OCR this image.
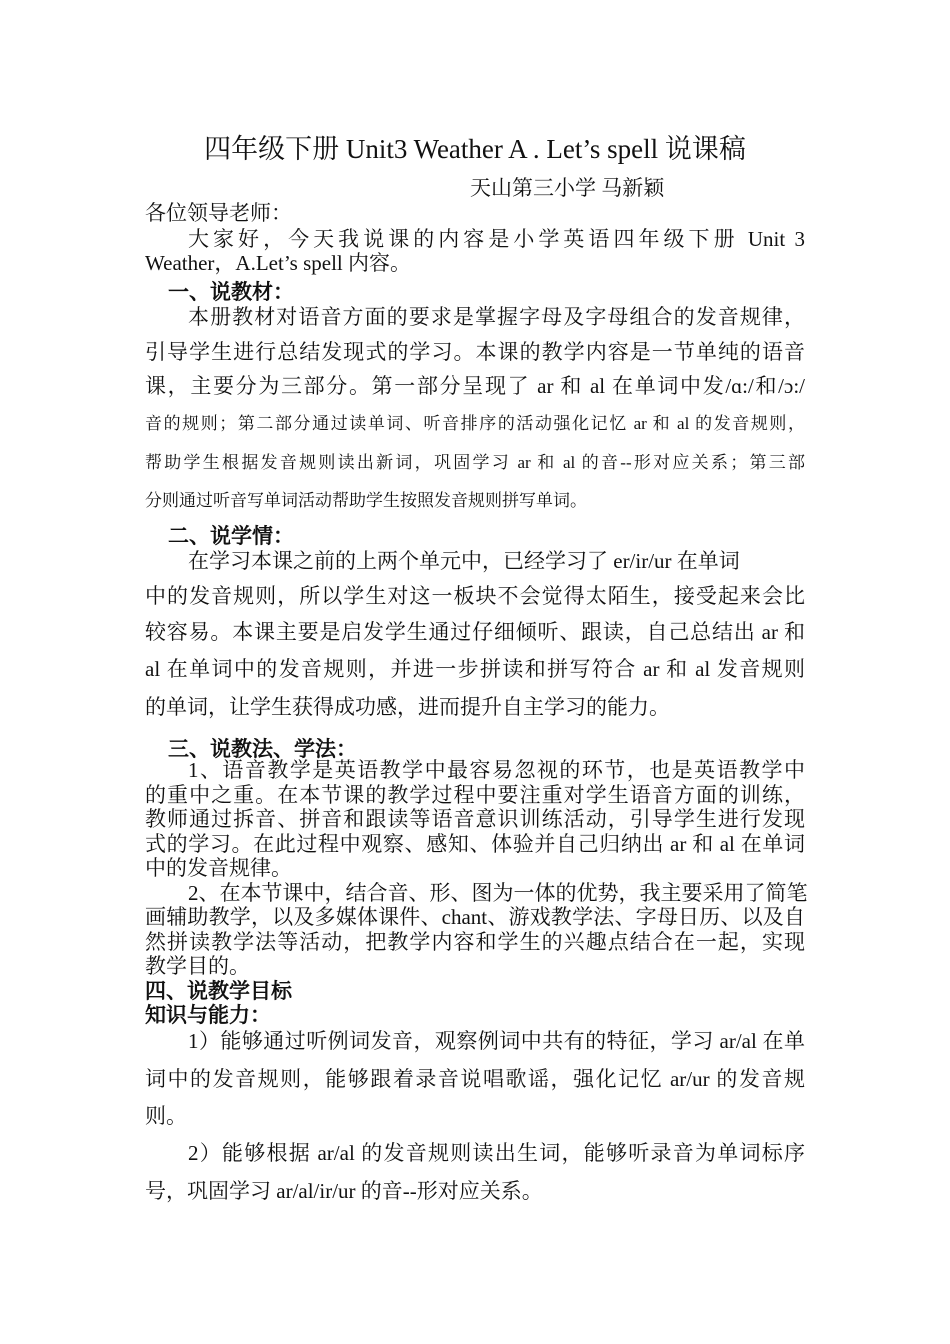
四年级下册 Unit3 Weather A . Let’s spell 说课稿
天山第三小学 马新颖
各位领导老师：
大家好，今天我说课的内容是小学英语四年级下册 Unit 3
Weather，A.Let’s spell 内容。
一、说教材：
本册教材对语音方面的要求是掌握字母及字母组合的发音规律，
引导学生进行总结发现式的学习。本课的教学内容是一节单纯的语音
课，主要分为三部分。第一部分呈现了 ar 和 al 在单词中发/ɑ:/和/ɔ:/
音的规则；第二部分通过读单词、听音排序的活动强化记忆 ar 和 al 的发音规则，
帮助学生根据发音规则读出新词，巩固学习 ar 和 al 的音--形对应关系；第三部
分则通过听音写单词活动帮助学生按照发音规则拼写单词。
二、说学情：
在学习本课之前的上两个单元中，已经学习了 er/ir/ur 在单词
中的发音规则，所以学生对这一板块不会觉得太陌生，接受起来会比
较容易。本课主要是启发学生通过仔细倾听、跟读，自己总结出 ar 和
al 在单词中的发音规则，并进一步拼读和拼写符合 ar 和 al 发音规则
的单词，让学生获得成功感，进而提升自主学习的能力。
三、说教法、学法：
1、语音教学是英语教学中最容易忽视的环节，也是英语教学中
的重中之重。在本节课的教学过程中要注重对学生语音方面的训练，
教师通过拆音、拼音和跟读等语音意识训练活动，引导学生进行发现
式的学习。在此过程中观察、感知、体验并自己归纳出 ar 和 al 在单词
中的发音规律。
2、在本节课中，结合音、形、图为一体的优势，我主要采用了简笔
画辅助教学，以及多媒体课件、chant、游戏教学法、字母日历、以及自
然拼读教学法等活动，把教学内容和学生的兴趣点结合在一起，实现
教学目的。
四、说教学目标
知识与能力：
1）能够通过听例词发音，观察例词中共有的特征，学习 ar/al 在单
词中的发音规则，能够跟着录音说唱歌谣，强化记忆 ar/ur 的发音规
则。
2）能够根据 ar/al 的发音规则读出生词，能够听录音为单词标序
号，巩固学习 ar/al/ir/ur 的音--形对应关系。
